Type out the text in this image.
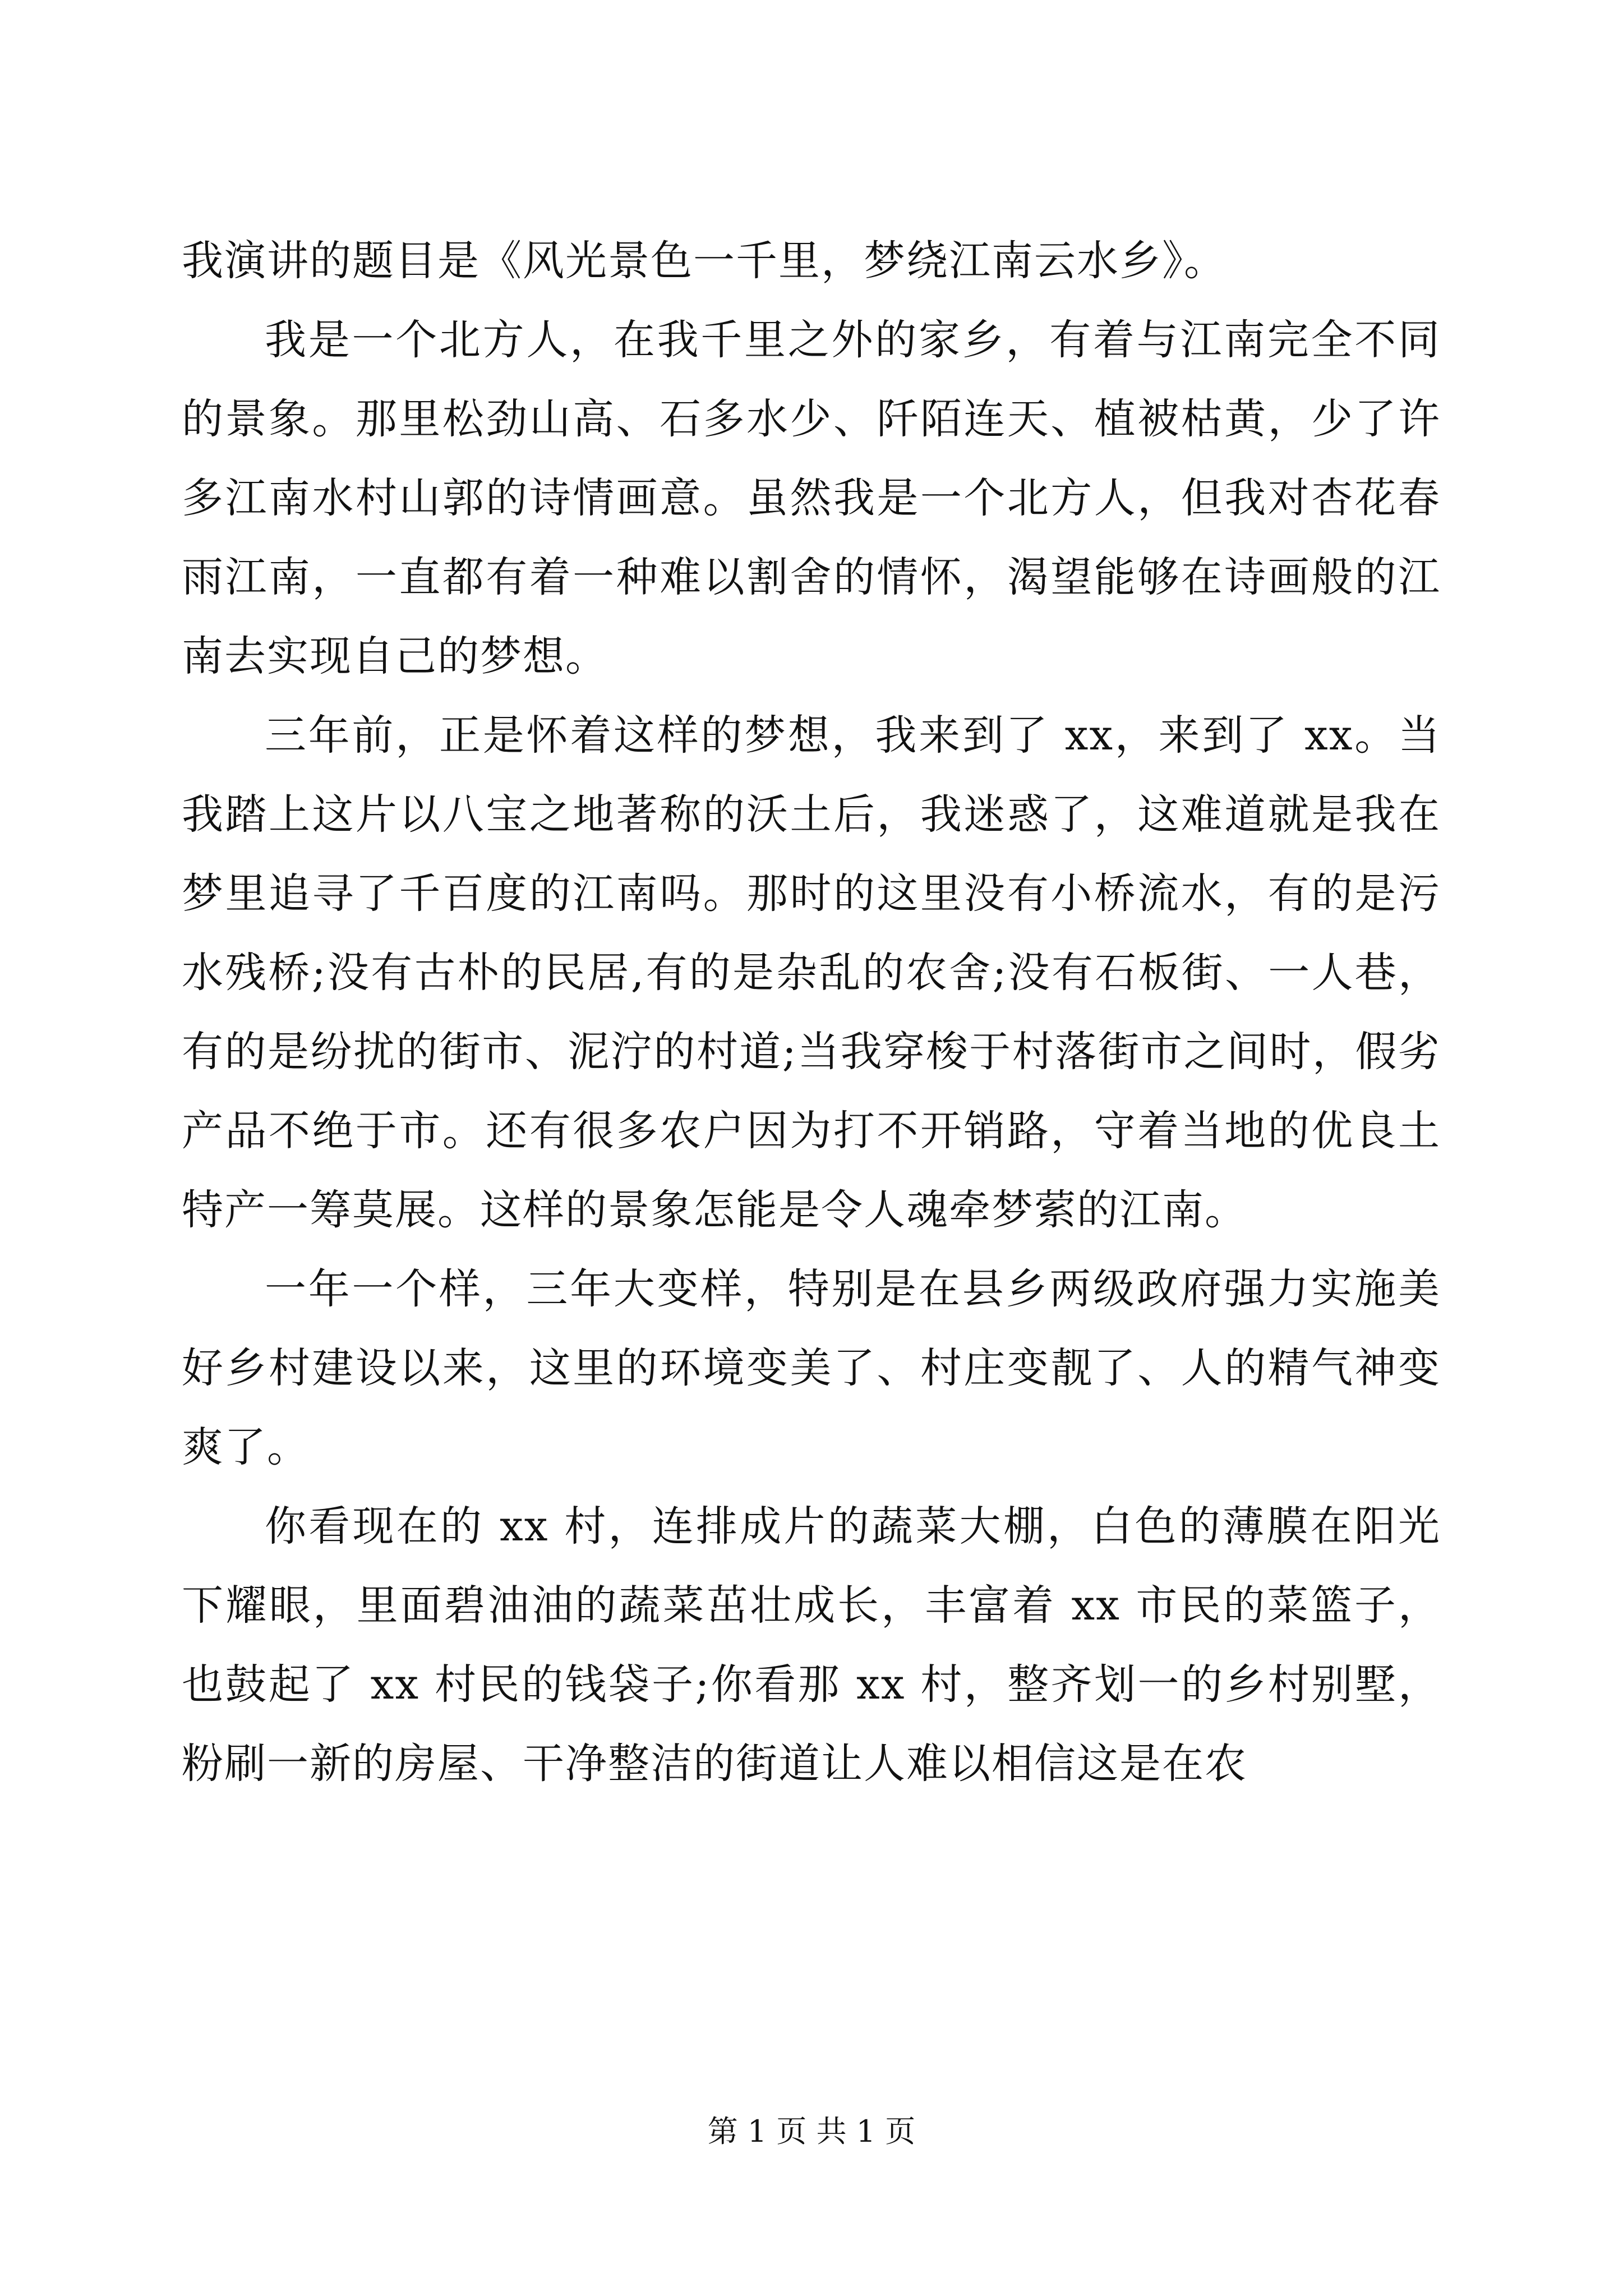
我演讲的题目是《风光景色一千里，梦绕江南云水乡》。

我是一个北方人，在我千里之外的家乡，有着与江南完全不同的景象。那里松劲山高、石多水少、阡陌连天、植被枯黄，少了许多江南水村山郭的诗情画意。虽然我是一个北方人，但我对杏花春雨江南，一直都有着一种难以割舍的情怀，渴望能够在诗画般的江南去实现自己的梦想。

三年前，正是怀着这样的梦想，我来到了 xx，来到了 xx。当我踏上这片以八宝之地著称的沃土后，我迷惑了，这难道就是我在梦里追寻了千百度的江南吗。那时的这里没有小桥流水，有的是污水残桥;没有古朴的民居,有的是杂乱的农舍;没有石板街、一人巷，有的是纷扰的街市、泥泞的村道;当我穿梭于村落街市之间时，假劣产品不绝于市。还有很多农户因为打不开销路，守着当地的优良土特产一筹莫展。这样的景象怎能是令人魂牵梦萦的江南。

一年一个样，三年大变样，特别是在县乡两级政府强力实施美好乡村建设以来，这里的环境变美了、村庄变靓了、人的精气神变爽了。

你看现在的 xx 村，连排成片的蔬菜大棚，白色的薄膜在阳光下耀眼，里面碧油油的蔬菜茁壮成长，丰富着 xx 市民的菜篮子，也鼓起了 xx 村民的钱袋子;你看那 xx 村，整齐划一的乡村别墅，粉刷一新的房屋、干净整洁的街道让人难以相信这是在农

第 1 页 共 1 页
